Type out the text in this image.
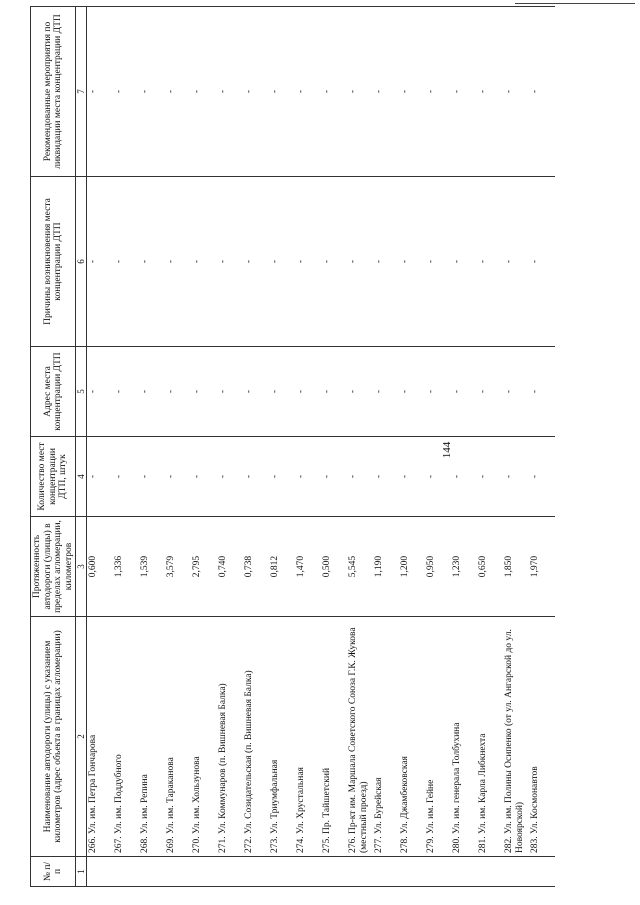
144
№ п/п	Наименование автодороги (улицы) с указанием километров (адрес объекта в границах агломерации)	Протяженность автодороги (улицы) в пределах агломерации, километров	Количество мест концентрации ДТП, штук	Адрес места концентрации ДТП	Причины возникновения места концентрации ДТП	Рекомендованные мероприятия по ликвидации места концентрации ДТП
1	2	3	4	5	6	7
	266. Ул. им. Петра Гончарова	0,600	-	-	-	-
	267. Ул. им. Поддубного	1,336	-	-	-	-
	268. Ул. им. Репина	1,539	-	-	-	-
	269. Ул. им. Тараканова	3,579	-	-	-	-
	270. Ул. им. Хользунова	2,795	-	-	-	-
	271. Ул. Коммунаров (п. Вишневая Балка)	0,740	-	-	-	-
	272. Ул. Созидательская (п. Вишневая Балка)	0,738	-	-	-	-
	273. Ул. Триумфальная	0,812	-	-	-	-
	274. Ул. Хрустальная	1,470	-	-	-	-
	275. Пр. Тайшетский	0,500	-	-	-	-
	276. Пр-кт им. Маршала Советского Союза Г.К. Жукова (местный проезд)	5,545	-	-	-	-
	277. Ул. Бурейская	1,190	-	-	-	-
	278. Ул. Джамбековская	1,200	-	-	-	-
	279. Ул. им. Гейне	0,950	-	-	-	-
	280. Ул. им. генерала Толбухина	1,230	-	-	-	-
	281. Ул. им. Карла Либкнехта	0,650	-	-	-	-
	282. Ул. им. Полины Осипенко (от ул. Ангарской до ул. Новоярской)	1,850	-	-	-	-
	283. Ул. Космонавтов	1,970	-	-	-	-
